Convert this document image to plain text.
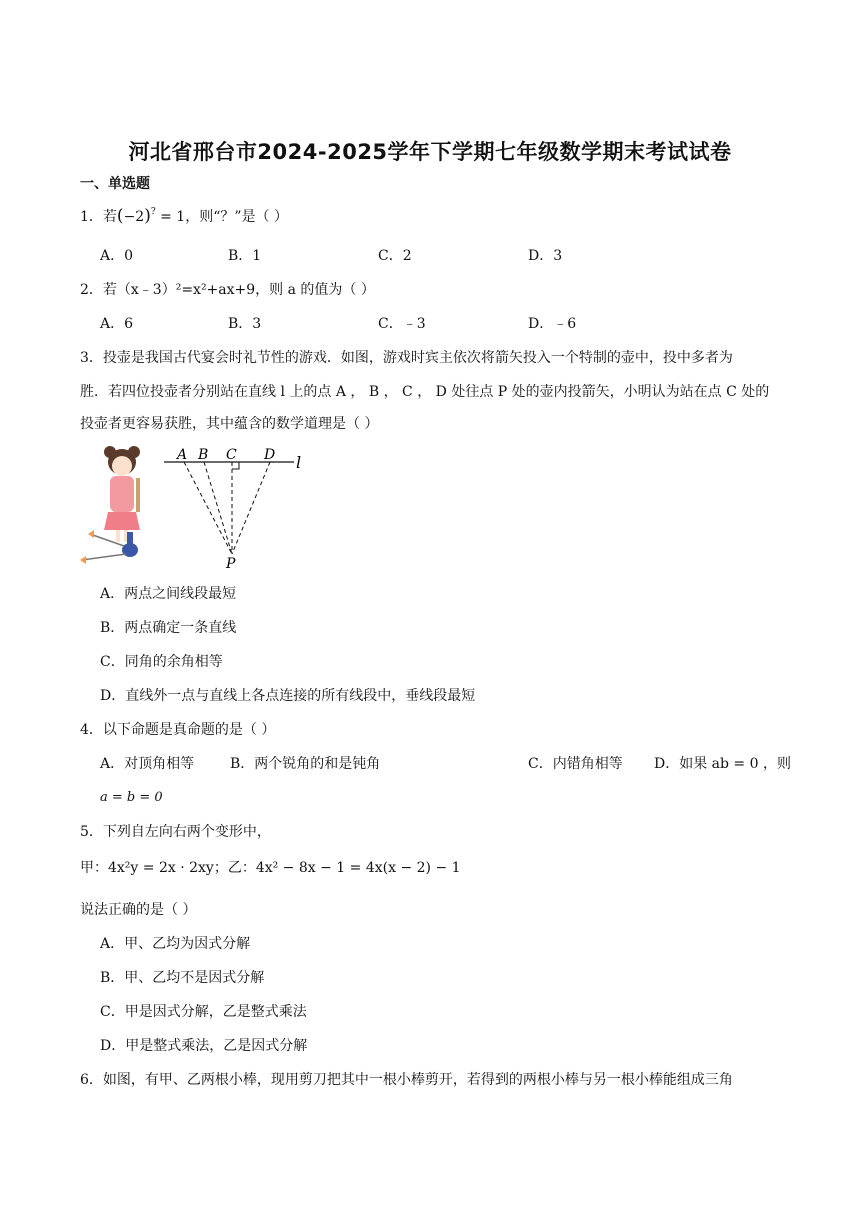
河北省邢台市2024-2025学年下学期七年级数学期末考试试卷
一、单选题
1．若(−2)? = 1，则“？”是（ ）
A．0	B．1	C．2	D．3
2．若（x﹣3）²=x²+ax+9，则 a 的值为（ ）
A．6	B．3	C．﹣3	D．﹣6
3．投壶是我国古代宴会时礼节性的游戏．如图，游戏时宾主依次将箭矢投入一个特制的壶中，投中多者为
胜．若四位投壶者分别站在直线 l 上的点 A ， B ， C ， D 处往点 P 处的壶内投箭矢，小明认为站在点 C 处的
投壶者更容易获胜，其中蕴含的数学道理是（ ）
A B C D l
P
A．两点之间线段最短
B．两点确定一条直线
C．同角的余角相等
D．直线外一点与直线上各点连接的所有线段中，垂线段最短
4．以下命题是真命题的是（ ）
A．对顶角相等	B．两个锐角的和是钝角	C．内错角相等 D．如果 ab = 0 ，则
a = b = 0
5．下列自左向右两个变形中，
甲：4x²y = 2x · 2xy；乙：4x² − 8x − 1 = 4x(x − 2) − 1
说法正确的是（ ）
A．甲、乙均为因式分解
B．甲、乙均不是因式分解
C．甲是因式分解，乙是整式乘法
D．甲是整式乘法，乙是因式分解
6．如图，有甲、乙两根小棒，现用剪刀把其中一根小棒剪开，若得到的两根小棒与另一根小棒能组成三角
